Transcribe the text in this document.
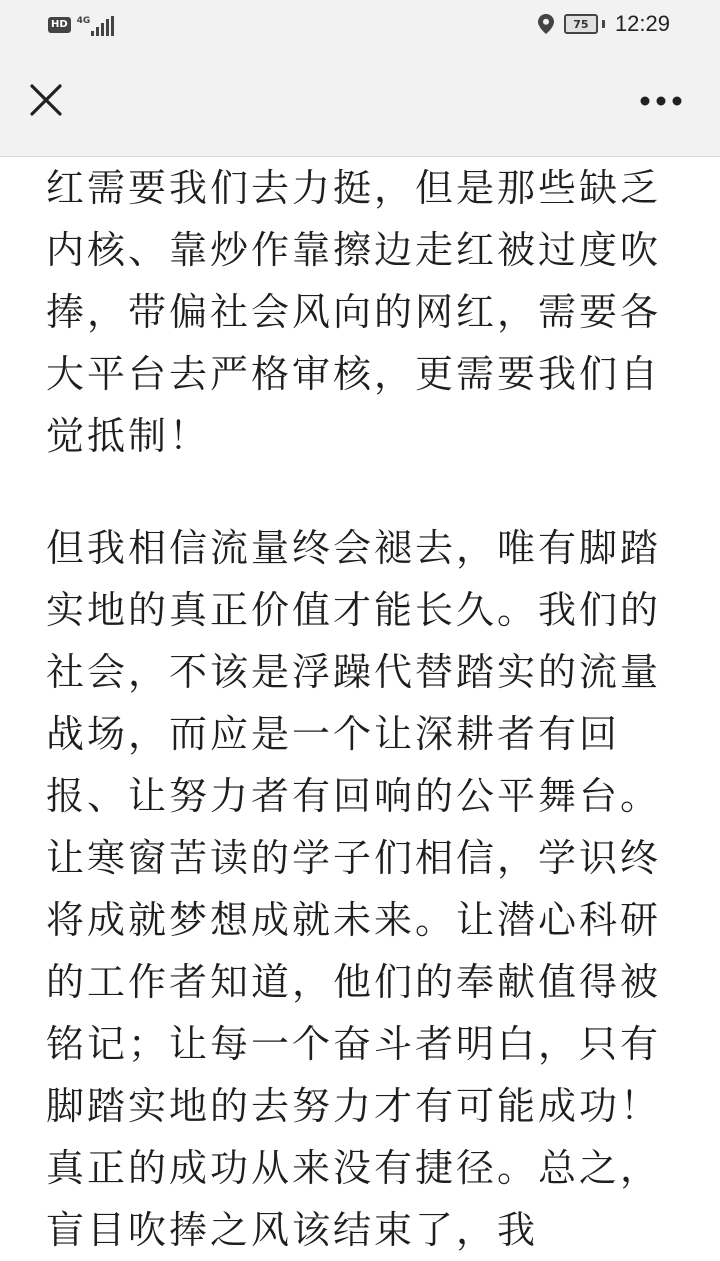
HD	4G	75 12:29

红需要我们去力挺，但是那些缺乏内核、靠炒作靠擦边走红被过度吹捧，带偏社会风向的网红，需要各大平台去严格审核，更需要我们自觉抵制！

但我相信流量终会褪去，唯有脚踏实地的真正价值才能长久。我们的社会，不该是浮躁代替踏实的流量战场，而应是一个让深耕者有回报、让努力者有回响的公平舞台。让寒窗苦读的学子们相信，学识终将成就梦想成就未来。让潜心科研的工作者知道，他们的奉献值得被铭记；让每一个奋斗者明白，只有脚踏实地的去努力才有可能成功！真正的成功从来没有捷径。总之，盲目吹捧之风该结束了，我
